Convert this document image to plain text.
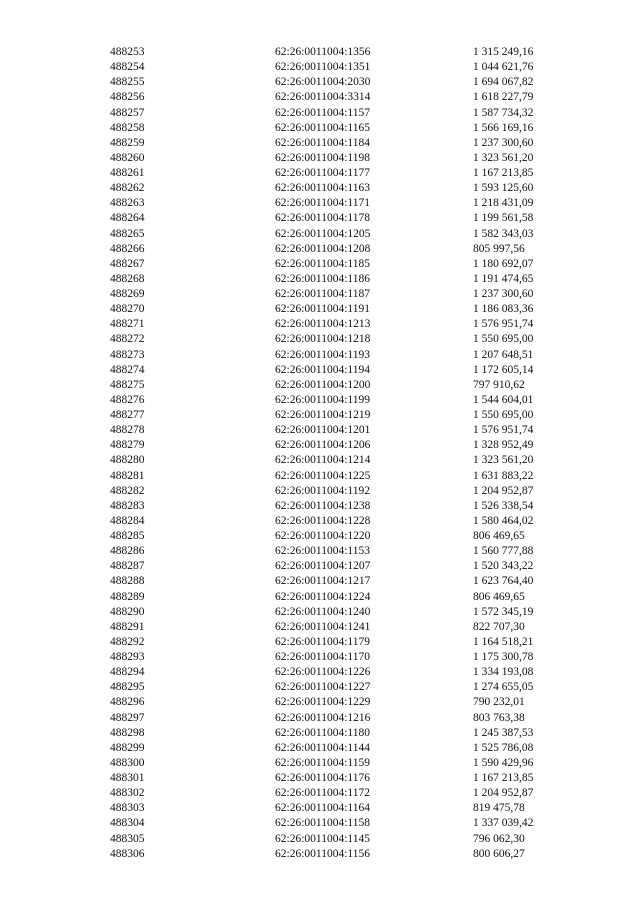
	488253	62:26:0011004:1356	1 315 249,16
	488254	62:26:0011004:1351	1 044 621,76
	488255	62:26:0011004:2030	1 694 067,82
	488256	62:26:0011004:3314	1 618 227,79
	488257	62:26:0011004:1157	1 587 734,32
	488258	62:26:0011004:1165	1 566 169,16
	488259	62:26:0011004:1184	1 237 300,60
	488260	62:26:0011004:1198	1 323 561,20
	488261	62:26:0011004:1177	1 167 213,85
	488262	62:26:0011004:1163	1 593 125,60
	488263	62:26:0011004:1171	1 218 431,09
	488264	62:26:0011004:1178	1 199 561,58
	488265	62:26:0011004:1205	1 582 343,03
	488266	62:26:0011004:1208	805 997,56
	488267	62:26:0011004:1185	1 180 692,07
	488268	62:26:0011004:1186	1 191 474,65
	488269	62:26:0011004:1187	1 237 300,60
	488270	62:26:0011004:1191	1 186 083,36
	488271	62:26:0011004:1213	1 576 951,74
	488272	62:26:0011004:1218	1 550 695,00
	488273	62:26:0011004:1193	1 207 648,51
	488274	62:26:0011004:1194	1 172 605,14
	488275	62:26:0011004:1200	797 910,62
	488276	62:26:0011004:1199	1 544 604,01
	488277	62:26:0011004:1219	1 550 695,00
	488278	62:26:0011004:1201	1 576 951,74
	488279	62:26:0011004:1206	1 328 952,49
	488280	62:26:0011004:1214	1 323 561,20
	488281	62:26:0011004:1225	1 631 883,22
	488282	62:26:0011004:1192	1 204 952,87
	488283	62:26:0011004:1238	1 526 338,54
	488284	62:26:0011004:1228	1 580 464,02
	488285	62:26:0011004:1220	806 469,65
	488286	62:26:0011004:1153	1 560 777,88
	488287	62:26:0011004:1207	1 520 343,22
	488288	62:26:0011004:1217	1 623 764,40
	488289	62:26:0011004:1224	806 469,65
	488290	62:26:0011004:1240	1 572 345,19
	488291	62:26:0011004:1241	822 707,30
	488292	62:26:0011004:1179	1 164 518,21
	488293	62:26:0011004:1170	1 175 300,78
	488294	62:26:0011004:1226	1 334 193,08
	488295	62:26:0011004:1227	1 274 655,05
	488296	62:26:0011004:1229	790 232,01
	488297	62:26:0011004:1216	803 763,38
	488298	62:26:0011004:1180	1 245 387,53
	488299	62:26:0011004:1144	1 525 786,08
	488300	62:26:0011004:1159	1 590 429,96
	488301	62:26:0011004:1176	1 167 213,85
	488302	62:26:0011004:1172	1 204 952,87
	488303	62:26:0011004:1164	819 475,78
	488304	62:26:0011004:1158	1 337 039,42
	488305	62:26:0011004:1145	796 062,30
	488306	62:26:0011004:1156	800 606,27
